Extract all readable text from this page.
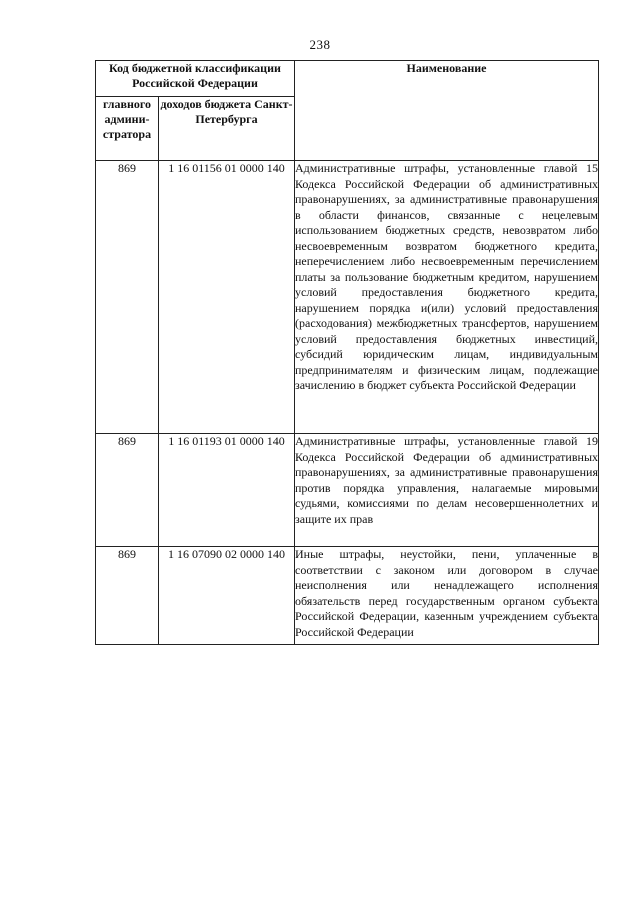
238
Код бюджетной классификации Российской Федерации		Наименование
главного админи-стратора	доходов бюджета Санкт-Петербурга	
869	1 16 01156 01 0000 140	Административные штрафы, установленные главой 15 Кодекса Российской Федерации об административных правонарушениях, за административные правонарушения в области финансов, связанные с нецелевым использованием бюджетных средств, невозвратом либо несвоевременным возвратом бюджетного кредита, неперечислением либо несвоевременным перечислением платы за пользование бюджетным кредитом, нарушением условий предоставления бюджетного кредита, нарушением порядка и(или) условий предоставления (расходования) межбюджетных трансфертов, нарушением условий предоставления бюджетных инвестиций, субсидий юридическим лицам, индивидуальным предпринимателям и физическим лицам, подлежащие зачислению в бюджет субъекта Российской Федерации
869	1 16 01193 01 0000 140	Административные штрафы, установленные главой 19 Кодекса Российской Федерации об административных правонарушениях, за административные правонарушения против порядка управления, налагаемые мировыми судьями, комиссиями по делам несовершеннолетних и защите их прав
869	1 16 07090 02 0000 140	Иные штрафы, неустойки, пени, уплаченные в соответствии с законом или договором в случае неисполнения или ненадлежащего исполнения обязательств перед государственным органом субъекта Российской Федерации, казенным учреждением субъекта Российской Федерации
